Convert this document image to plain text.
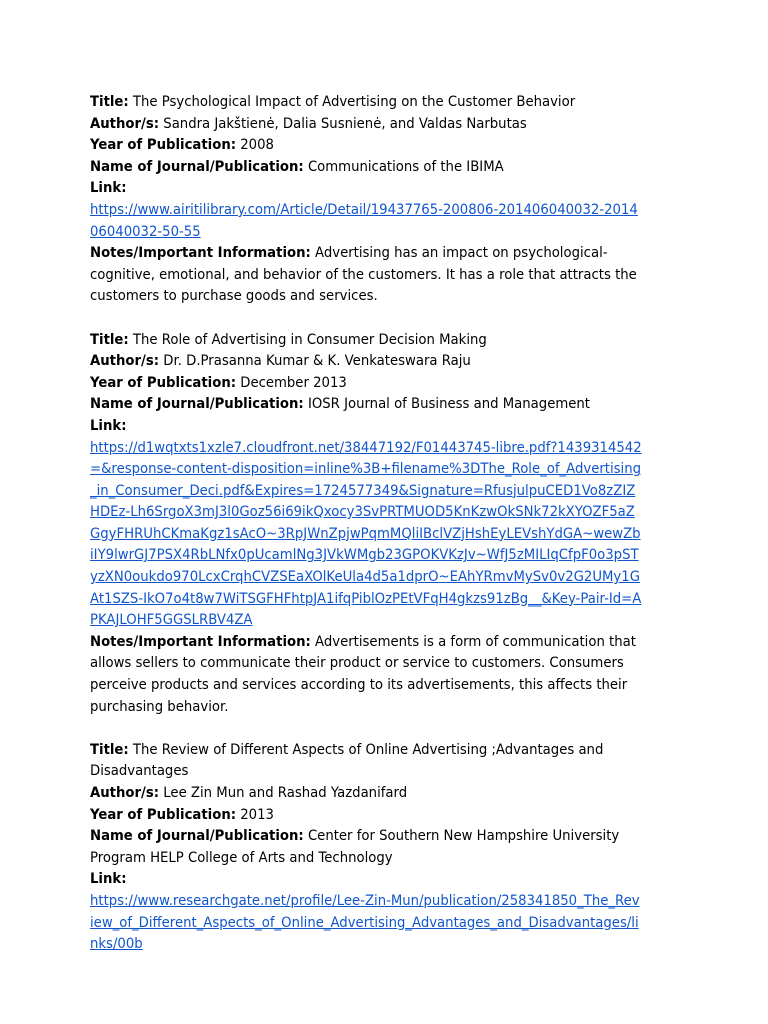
Title: The Psychological Impact of Advertising on the Customer Behavior
Author/s: Sandra Jakštienė, Dalia Susnienė, and Valdas Narbutas
Year of Publication: 2008
Name of Journal/Publication: Communications of the IBIMA
Link:
https://www.airitilibrary.com/Article/Detail/19437765-200806-201406040032-201406040032-50-55
Notes/Important Information: Advertising has an impact on psychological-cognitive, emotional, and behavior of the customers. It has a role that attracts the customers to purchase goods and services.
Title: The Role of Advertising in Consumer Decision Making
Author/s: Dr. D.Prasanna Kumar & K. Venkateswara Raju
Year of Publication: December 2013
Name of Journal/Publication: IOSR Journal of Business and Management
Link:
https://d1wqtxts1xzle7.cloudfront.net/38447192/F01443745-libre.pdf?1439314542=&response-content-disposition=inline%3B+filename%3DThe_Role_of_Advertising_in_Consumer_Deci.pdf&Expires=1724577349&Signature=RfusjulpuCED1Vo8zZIZHDEz-Lh6SrgoX3mJ3l0Goz56i69ikQxocy3SvPRTMUOD5KnKzwOkSNk72kXYOZF5aZGgyFHRUhCKmaKgz1sAcO~3RpJWnZpjwPqmMQliIBclVZjHshEyLEVshYdGA~wewZbiIY9lwrGJ7PSX4RbLNfx0pUcamlNg3JVkWMgb23GPOKVKzJv~WfJ5zMILIqCfpF0o3pSTyzXN0oukdo970LcxCrqhCVZSEaXOlKeUla4d5a1dprO~EAhYRmvMySv0v2G2UMy1GAt1SZS-IkO7o4t8w7WiTSGFHFhtpJA1ifqPiblOzPEtVFqH4gkzs91zBg__&Key-Pair-Id=APKAJLOHF5GGSLRBV4ZA
Notes/Important Information: Advertisements is a form of communication that allows sellers to communicate their product or service to customers. Consumers perceive products and services according to its advertisements, this affects their purchasing behavior.
Title: The Review of Different Aspects of Online Advertising ;Advantages and Disadvantages
Author/s: Lee Zin Mun and Rashad Yazdanifard
Year of Publication: 2013
Name of Journal/Publication: Center for Southern New Hampshire University Program HELP College of Arts and Technology
Link:
https://www.researchgate.net/profile/Lee-Zin-Mun/publication/258341850_The_Review_of_Different_Aspects_of_Online_Advertising_Advantages_and_Disadvantages/links/00b
